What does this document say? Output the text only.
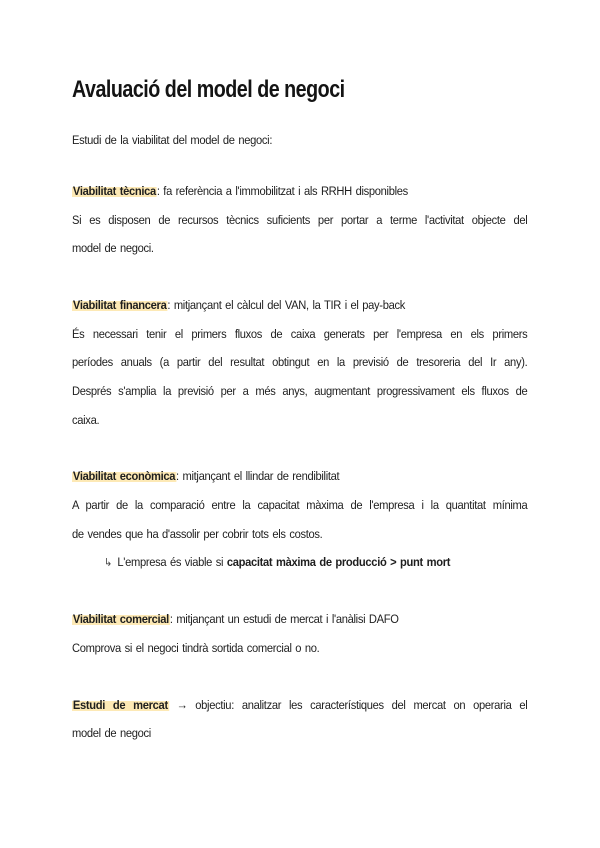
Avaluació del model de negoci
Estudi de la viabilitat del model de negoci:
Viabilitat tècnica: fa referència a l'immobilitzat i als RRHH disponibles
Si es disposen de recursos tècnics suficients per portar a terme l'activitat objecte del
model de negoci.
Viabilitat financera: mitjançant el càlcul del VAN, la TIR i el pay-back
És necessari tenir el primers fluxos de caixa generats per l'empresa en els primers
períodes anuals (a partir del resultat obtingut en la previsió de tresoreria del Ir any).
Després s'amplia la previsió per a més anys, augmentant progressivament els fluxos de
caixa.
Viabilitat econòmica: mitjançant el llindar de rendibilitat
A partir de la comparació entre la capacitat màxima de l'empresa i la quantitat mínima
de vendes que ha d'assolir per cobrir tots els costos.
↳ L'empresa és viable si capacitat màxima de producció > punt mort
Viabilitat comercial: mitjançant un estudi de mercat i l'anàlisi DAFO
Comprova si el negoci tindrà sortida comercial o no.
Estudi de mercat → objectiu: analitzar les característiques del mercat on operaria el
model de negoci
